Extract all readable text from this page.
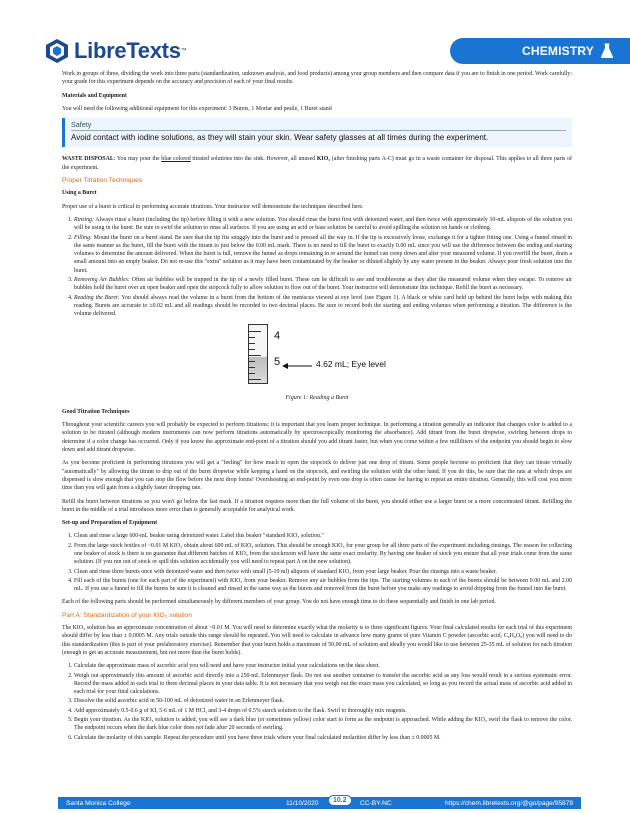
LibreTexts ™	CHEMISTRY

Work in groups of three, dividing the work into three parts (standardization, unknown analysis, and food products) among your group members and then compare data if you are to finish in one period. Work carefully: your grade for this experiment depends on the accuracy and precision of each of your final results.

Materials and Equipment

You will need the following additional equipment for this experiment: 3 Burets, 1 Mortar and pestle, 1 Buret stand

Safety
Avoid contact with iodine solutions, as they will stain your skin. Wear safety glasses at all times during the experiment.

WASTE DISPOSAL: You may pour the blue colored titrated solutions into the sink. However, all unused KIO₃ (after finishing parts A-C) must go in a waste container for disposal. This applies to all three parts of the experiment.

Proper Titration Techniques

Using a Buret

Proper use of a buret is critical to performing accurate titrations. Your instructor will demonstrate the techniques described here.

1. Rinsing: Always rinse a buret (including the tip) before filling it with a new solution. You should rinse the buret first with deionized water, and then twice with approximately 10-mL aliquots of the solution you will be using in the buret. Be sure to swirl the solution to rinse all surfaces. If you are using an acid or base solution be careful to avoid spilling the solution on hands or clothing.
2. Filling: Mount the buret on a buret stand. Be sure that the tip fits snuggly into the buret and is pressed all the way in. If the tip is excessively loose, exchange it for a tighter fitting one. Using a funnel rinsed in the same manner as the buret, fill the buret with the titrant to just below the 0.00 mL mark. There is no need to fill the buret to exactly 0.00 mL since you will use the difference between the ending and starting volumes to determine the amount delivered. When the buret is full, remove the funnel as drops remaining in or around the funnel can creep down and alter your measured volume. If you overfill the buret, drain a small amount into an empty beaker. Do not re-use this "extra" solution as it may have been contaminated by the beaker or diluted slightly by any water present in the beaker. Always pour fresh solution into the buret.
3. Removing Air Bubbles: Often air bubbles will be trapped in the tip of a newly filled buret. These can be difficult to see and troublesome as they alter the measured volume when they escape. To remove air bubbles hold the buret over an open beaker and open the stopcock fully to allow solution to flow out of the buret. Your instructor will demonstrate this technique. Refill the buret as necessary.
4. Reading the Buret: You should always read the volume in a buret from the bottom of the meniscus viewed at eye level (see Figure 1). A black or white card held up behind the buret helps with making this reading. Burets are accurate to ±0.02 mL and all readings should be recorded to two decimal places. Be sure to record both the starting and ending volumes when performing a titration. The difference is the volume delivered.
4
5	4.62 mL; Eye level
Figure 1: Reading a Buret

Good Titration Techniques

Throughout your scientific careers you will probably be expected to perform titrations; it is important that you learn proper technique. In performing a titration generally an indicator that changes color is added to a solution to be titrated (although modern instruments can now perform titrations automatically by spectroscopically monitoring the absorbance). Add titrant from the buret dropwise, swirling between drops to determine if a color change has occurred. Only if you know the approximate end-point of a titration should you add titrant faster, but when you come within a few milliliters of the endpoint you should begin to slow down and add titrant dropwise.

As you become proficient in performing titrations you will get a "feeling" for how much to open the stopcock to deliver just one drop of titrant. Some people become so proficient that they can titrate virtually "automatically" by allowing the titrant to drip out of the buret dropwise while keeping a hand on the stopcock, and swirling the solution with the other hand. If you do this, be sure that the rate at which drops are dispensed is slow enough that you can stop the flow before the next drop forms! Overshooting an end-point by even one drop is often cause for having to repeat an entire titration. Generally, this will cost you more time than you will gain from a slightly faster dropping rate.

Refill the buret between titrations so you won't go below the last mark. If a titration requires more than the full volume of the buret, you should either use a larger buret or a more concentrated titrant. Refilling the buret in the middle of a trial introduces more error than is generally acceptable for analytical work.

Set-up and Preparation of Equipment

1. Clean and rinse a large 600-mL beaker using deionized water. Label this beaker "standard KIO₃ solution."
2. From the large stock bottles of ~0.01 M KIO₃ obtain about 600 mL of KIO₃ solution. This should be enough KIO₃ for your group for all three parts of the experiment including rinsings. The reason for collecting one beaker of stock is there is no guarantee that different batches of KIO₃ from the stockroom will have the same exact molarity. By having one beaker of stock you ensure that all your trials come from the same solution. (If you run out of stock or spill this solution accidentally you will need to repeat part A on the new solution).
3. Clean and rinse three burets once with deionized water and then twice with small (5-10 ml) aliquots of standard KIO₃ from your large beaker. Pour the rinsings into a waste beaker.
4. Fill each of the burets (one for each part of the experiment) with KIO₃ from your beaker. Remove any air bubbles from the tips. The starting volumes in each of the burets should be between 0.00 mL and 2.00 mL. If you use a funnel to fill the burets be sure it is cleaned and rinsed in the same way as the burets and removed from the buret before you make any readings to avoid dripping from the funnel into the buret.

Each of the following parts should be performed simultaneously by different members of your group. You do not have enough time to do these sequentially and finish in one lab period.

Part A: Standardization of your KIO₃ solution

The KIO₃ solution has an approximate concentration of about ~0.01 M. You will need to determine exactly what the molarity is to three significant figures. Your final calculated results for each trial of this experiment should differ by less than ± 0.0005 M. Any trials outside this range should be repeated. You will need to calculate in advance how many grams of pure Vitamin C powder (ascorbic acid, C₆H₈O₆) you will need to do this standardization (this is part of your prelaboratory exercise). Remember that your buret holds a maximum of 50.00 mL of solution and ideally you would like to use between 25-35 mL of solution for each titration (enough to get an accurate measurement, but not more than the buret holds).

1. Calculate the approximate mass of ascorbic acid you will need and have your instructor initial your calculations on the data sheet.
2. Weigh out approximately this amount of ascorbic acid directly into a 250-mL Erlenmeyer flask. Do not use another container to transfer the ascorbic acid as any loss would result in a serious systematic error. Record the mass added in each trial to three decimal places in your data table. It is not necessary that you weigh out the exact mass you calculated, so long as you record the actual mass of ascorbic acid added in each trial for your final calculations.
3. Dissolve the solid ascorbic acid in 50-100 mL of deionized water in an Erlenmeyer flask.
4. Add approximately 0.5-0.6 g of KI, 5-6 mL of 1 M HCl, and 3-4 drops of 0.5% starch solution to the flask. Swirl to thoroughly mix reagents.
5. Begin your titration. As the KIO₃ solution is added, you will see a dark blue (or sometimes yellow) color start to form as the endpoint is approached. While adding the KIO₃ swirl the flask to remove the color. The endpoint occurs when the dark blue color does not fade after 20 seconds of swirling.
6. Calculate the molarity of this sample. Repeat the procedure until you have three trials where your final calculated molarities differ by less than ± 0.0005 M.
Santa Monica College	11/10/2020	10.2	CC-BY-NC	https://chem.libretexts.org/@go/page/95879
